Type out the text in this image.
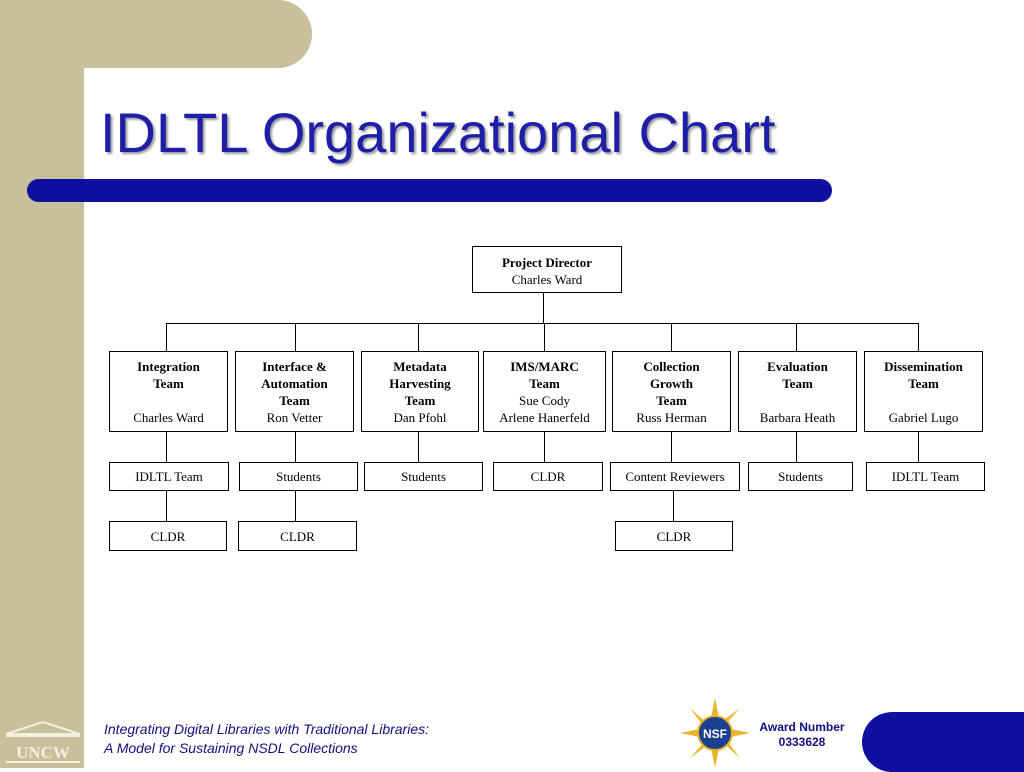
IDLTL Organizational Chart
Project Director
Charles Ward
Integration
Team
Charles Ward
Interface &
Automation
Team
Ron Vetter
Metadata
Harvesting
Team
Dan Pfohl
IMS/MARC
Team
Sue Cody
Arlene Hanerfeld
Collection
Growth
Team
Russ Herman
Evaluation
Team
Barbara Heath
Dissemination
Team
Gabriel Lugo
IDLTL Team	Students	Students	CLDR	Content Reviewers	Students	IDLTL Team
CLDR	CLDR	CLDR
UNCW
Integrating Digital Libraries with Traditional Libraries:
A Model for Sustaining NSDL Collections
NSF	Award Number
0333628
